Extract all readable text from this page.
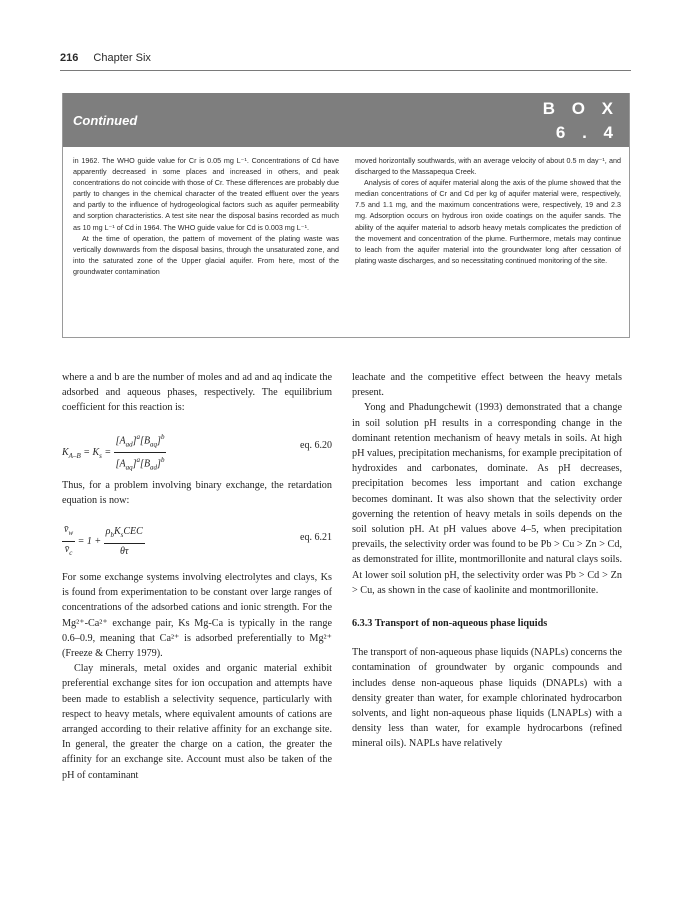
216 Chapter Six
Continued
B O X
6 . 4

in 1962. The WHO guide value for Cr is 0.05 mg L⁻¹. Concentrations of Cd have apparently decreased in some places and increased in others, and peak concentrations do not coincide with those of Cr. These differences are probably due partly to changes in the chemical character of the treated effluent over the years and partly to the influence of hydrogeological factors such as aquifer permeability and sorption characteristics. A test site near the disposal basins recorded as much as 10 mg L⁻¹ of Cd in 1964. The WHO guide value for Cd is 0.003 mg L⁻¹.

At the time of operation, the pattern of movement of the plating waste was vertically downwards from the disposal basins, through the unsaturated zone, and into the saturated zone of the Upper glacial aquifer. From here, most of the groundwater contamination

moved horizontally southwards, with an average velocity of about 0.5 m day⁻¹, and discharged to the Massapequa Creek.

Analysis of cores of aquifer material along the axis of the plume showed that the median concentrations of Cr and Cd per kg of aquifer material were, respectively, 7.5 and 1.1 mg, and the maximum concentrations were, respectively, 19 and 2.3 mg. Adsorption occurs on hydrous iron oxide coatings on the aquifer sands. The ability of the aquifer material to adsorb heavy metals complicates the prediction of the movement and concentration of the plume. Furthermore, metals may continue to leach from the aquifer material into the groundwater long after cessation of plating waste discharges, and so necessitating continued monitoring of the site.

where a and b are the number of moles and ad and aq indicate the adsorbed and aqueous phases, respectively. The equilibrium coefficient for this reaction is:

$K_{A-B} = K_s = \frac{[A_{ad}]^a[B_{aq}]^b}{[A_{aq}]^a[B_{ad}]^b}$	eq. 6.20

Thus, for a problem involving binary exchange, the retardation equation is now:

$\frac{v̄_w}{v̄_c} = 1 + \frac{\rho_bK_sCEC}{\theta\tau}$	eq. 6.21

For some exchange systems involving electrolytes and clays, Ks is found from experimentation to be constant over large ranges of concentrations of the adsorbed cations and ionic strength. For the Mg²⁺-Ca²⁺ exchange pair, Ks Mg-Ca is typically in the range 0.6–0.9, meaning that Ca²⁺ is adsorbed preferentially to Mg²⁺ (Freeze & Cherry 1979).

Clay minerals, metal oxides and organic material exhibit preferential exchange sites for ion occupation and attempts have been made to establish a selectivity sequence, particularly with respect to heavy metals, where equivalent amounts of cations are arranged according to their relative affinity for an exchange site. In general, the greater the charge on a cation, the greater the affinity for an exchange site. Account must also be taken of the pH of contaminant

leachate and the competitive effect between the heavy metals present.

Yong and Phadungchewit (1993) demonstrated that a change in soil solution pH results in a corresponding change in the dominant retention mechanism of heavy metals in soils. At high pH values, precipitation mechanisms, for example precipitation of hydroxides and carbonates, dominate. As pH decreases, precipitation becomes less important and cation exchange becomes dominant. It was also shown that the selectivity order governing the retention of heavy metals in soils depends on the soil solution pH. At pH values above 4–5, when precipitation prevails, the selectivity order was found to be Pb > Cu > Zn > Cd, as demonstrated for illite, montmorillonite and natural clays soils. At lower soil solution pH, the selectivity order was Pb > Cd > Zn > Cu, as shown in the case of kaolinite and montmorillonite.

6.3.3 Transport of non-aqueous phase liquids

The transport of non-aqueous phase liquids (NAPLs) concerns the contamination of groundwater by organic compounds and includes dense non-aqueous phase liquids (DNAPLs) with a density greater than water, for example chlorinated hydrocarbon solvents, and light non-aqueous phase liquids (LNAPLs) with a density less than water, for example hydrocarbons (refined mineral oils). NAPLs have relatively
